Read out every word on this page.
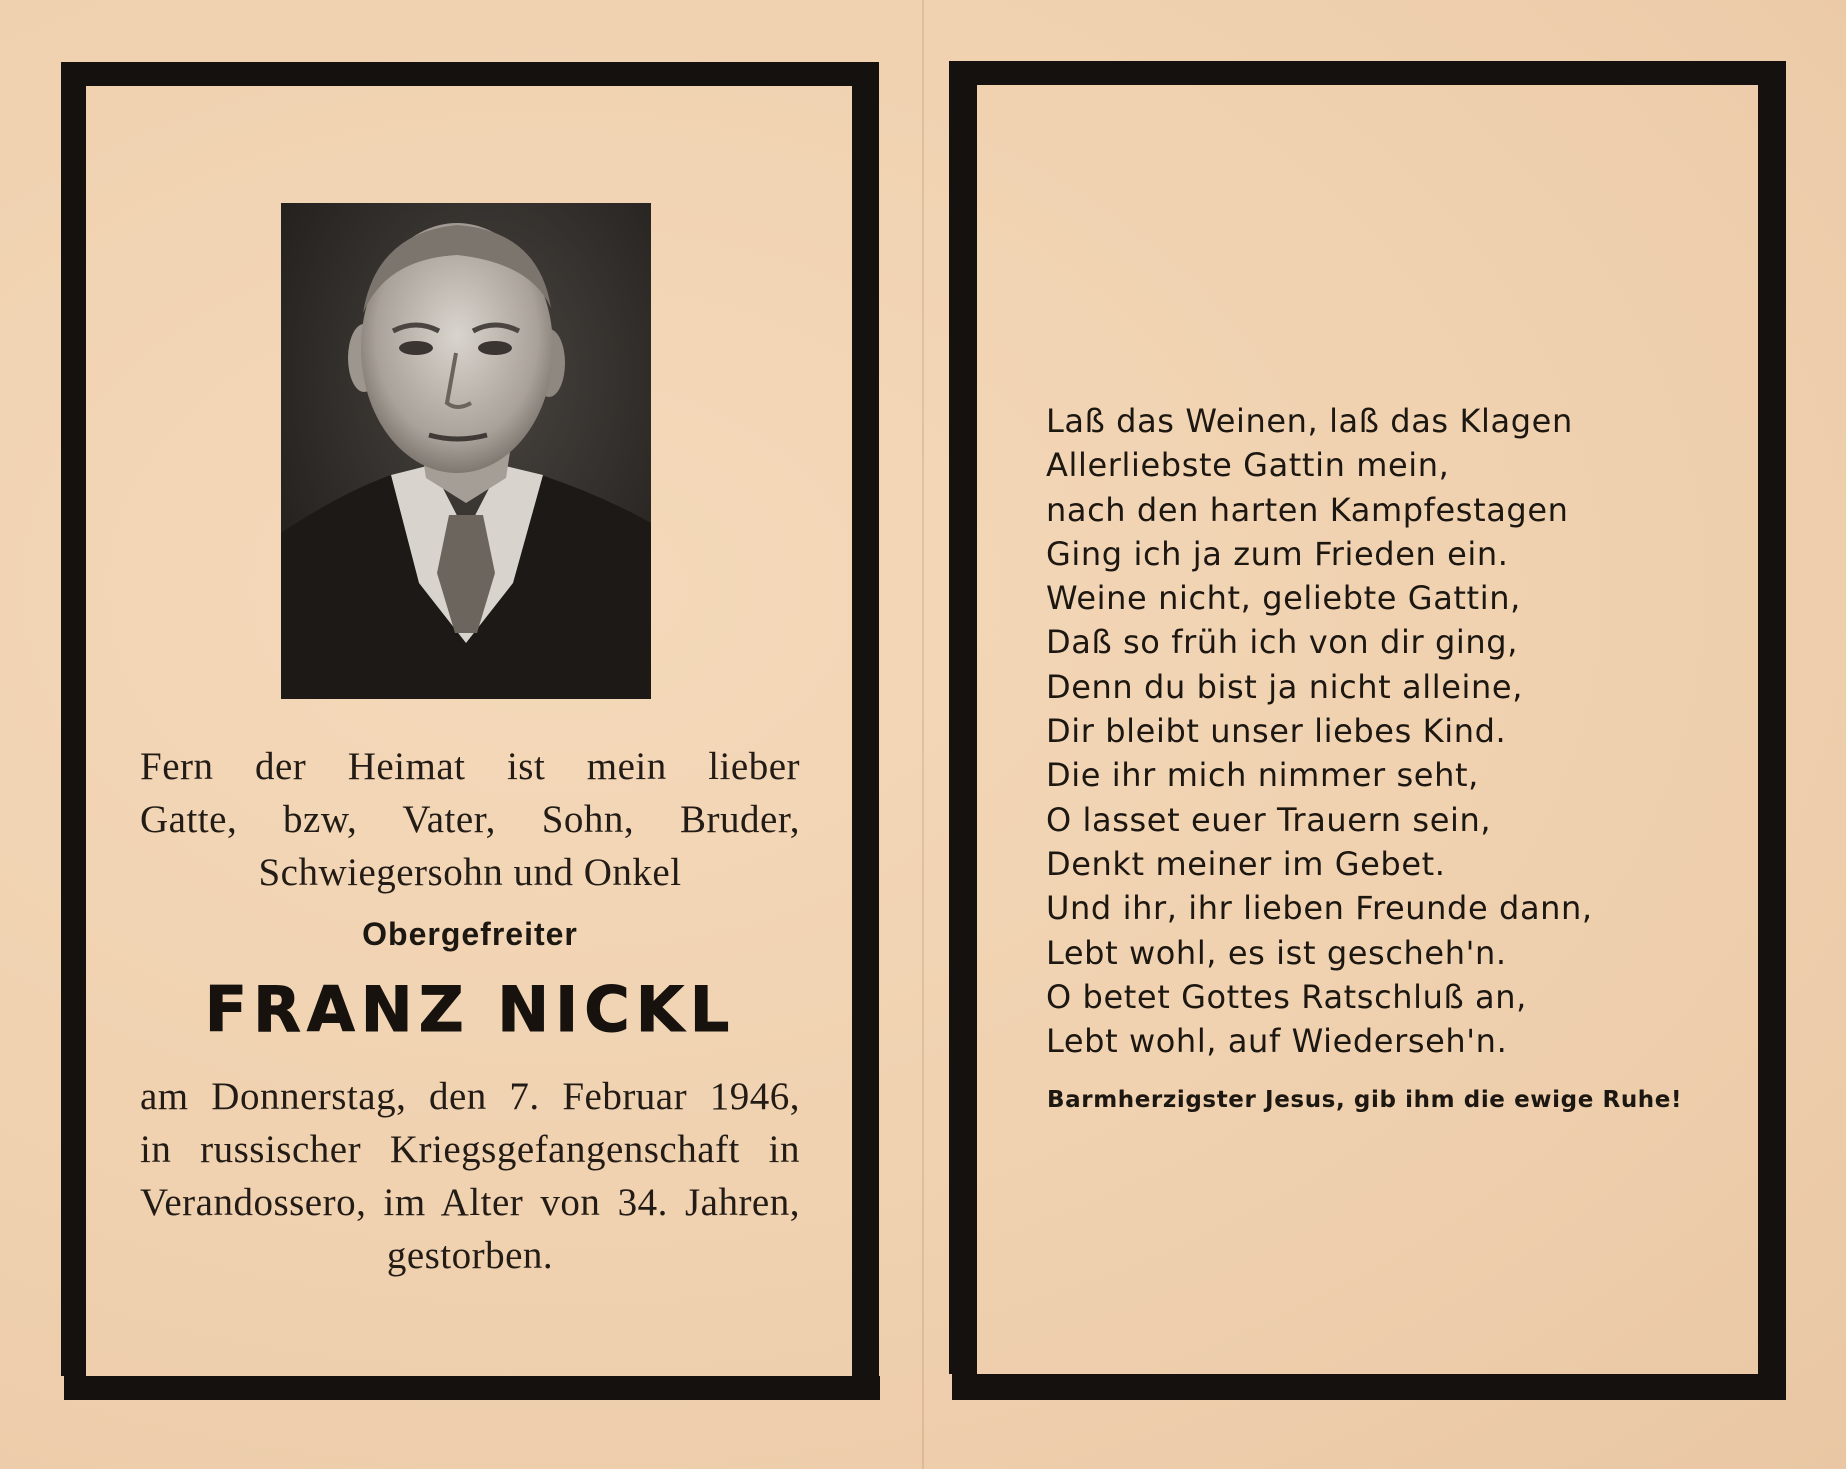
Fern der Heimat ist mein lieber
Gatte, bzw, Vater, Sohn, Bruder,
Schwiegersohn und Onkel
Obergefreiter
FRANZ NICKL
am Donnerstag, den 7. Februar 1946,
in russischer Kriegsgefangenschaft in
Verandossero, im Alter von 34. Jahren,
gestorben.
Laß das Weinen, laß das Klagen
Allerliebste Gattin mein,
nach den harten Kampfestagen
Ging ich ja zum Frieden ein.
Weine nicht, geliebte Gattin,
Daß so früh ich von dir ging,
Denn du bist ja nicht alleine,
Dir bleibt unser liebes Kind.
Die ihr mich nimmer seht,
O lasset euer Trauern sein,
Denkt meiner im Gebet.
Und ihr, ihr lieben Freunde dann,
Lebt wohl, es ist gescheh'n.
O betet Gottes Ratschluß an,
Lebt wohl, auf Wiederseh'n.
Barmherzigster Jesus, gib ihm die ewige Ruhe!
